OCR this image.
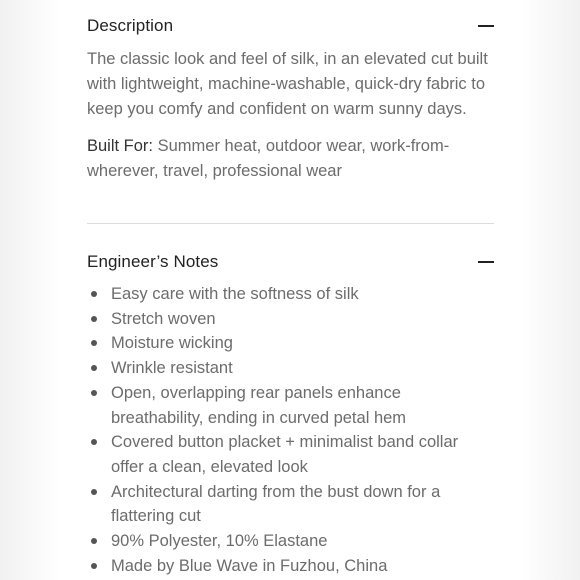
Description
The classic look and feel of silk, in an elevated cut built with lightweight, machine-washable, quick-dry fabric to keep you comfy and confident on warm sunny days.
Built For: Summer heat, outdoor wear, work-from-wherever, travel, professional wear
Engineer’s Notes
Easy care with the softness of silk
Stretch woven
Moisture wicking
Wrinkle resistant
Open, overlapping rear panels enhance breathability, ending in curved petal hem
Covered button placket + minimalist band collar offer a clean, elevated look
Architectural darting from the bust down for a flattering cut
90% Polyester, 10% Elastane
Made by Blue Wave in Fuzhou, China
